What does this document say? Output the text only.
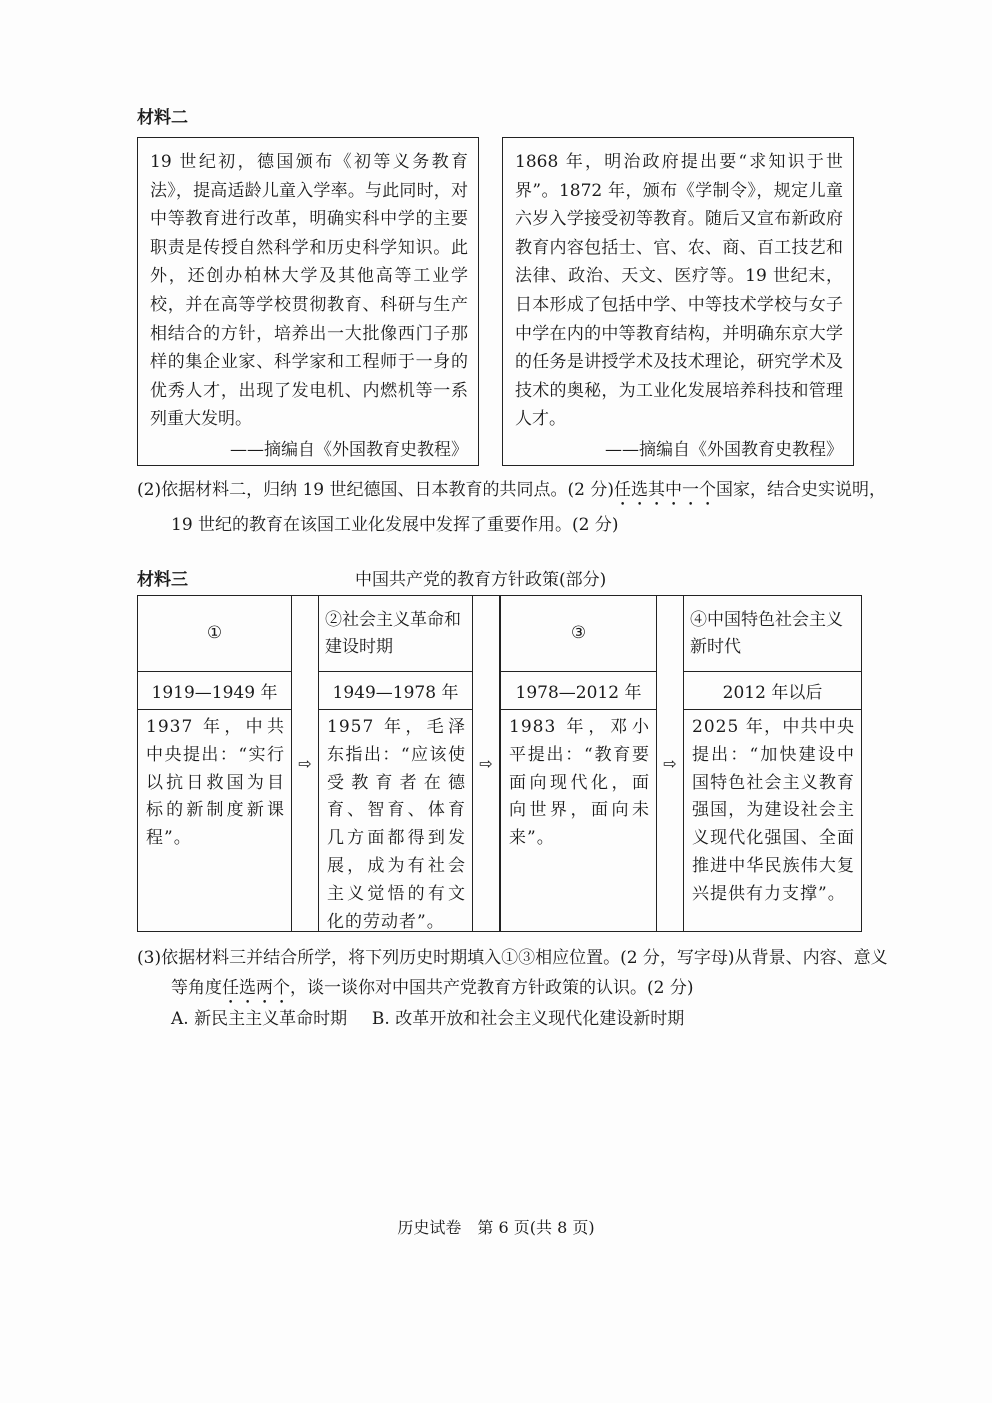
材料二

19 世纪初，德国颁布《初等义务教育法》，提高适龄儿童入学率。与此同时，对中等教育进行改革，明确实科中学的主要职责是传授自然科学和历史科学知识。此外，还创办柏林大学及其他高等工业学校，并在高等学校贯彻教育、科研与生产相结合的方针，培养出一大批像西门子那样的集企业家、科学家和工程师于一身的优秀人才，出现了发电机、内燃机等一系列重大发明。

——摘编自《外国教育史教程》

1868 年，明治政府提出要“求知识于世界”。1872 年，颁布《学制令》，规定儿童六岁入学接受初等教育。随后又宣布新政府教育内容包括士、官、农、商、百工技艺和法律、政治、天文、医疗等。19 世纪末，日本形成了包括中学、中等技术学校与女子中学在内的中等教育结构，并明确东京大学的任务是讲授学术及技术理论，研究学术及技术的奥秘，为工业化发展培养科技和管理人才。

——摘编自《外国教育史教程》
(2)依据材料二，归纳 19 世纪德国、日本教育的共同点。(2 分)任选其中一个国家，结合史实说明，19 世纪的教育在该国工业化发展中发挥了重要作用。(2 分)
材料三	中国共产党的教育方针政策(部分)
①
1919—1949 年
1937 年，中共中央提出：“实行以抗日救国为目标的新制度新课程”。
⇨
②社会主义革命和建设时期
1949—1978 年
1957 年，毛泽东指出：“应该使受教育者在德育、智育、体育几方面都得到发展，成为有社会主义觉悟的有文化的劳动者”。
⇨
③
1978—2012 年
1983 年，邓小平提出：“教育要面向现代化，面向世界，面向未来”。
⇨
④中国特色社会主义新时代
2012 年以后
2025 年，中共中央提出：“加快建设中国特色社会主义教育强国，为建设社会主义现代化强国、全面推进中华民族伟大复兴提供有力支撑”。
(3)依据材料三并结合所学，将下列历史时期填入①③相应位置。(2 分，写字母)从背景、内容、意义等角度任选两个，谈一谈你对中国共产党教育方针政策的认识。(2 分)
A. 新民主主义革命时期 B. 改革开放和社会主义现代化建设新时期
历史试卷　第 6 页(共 8 页)
